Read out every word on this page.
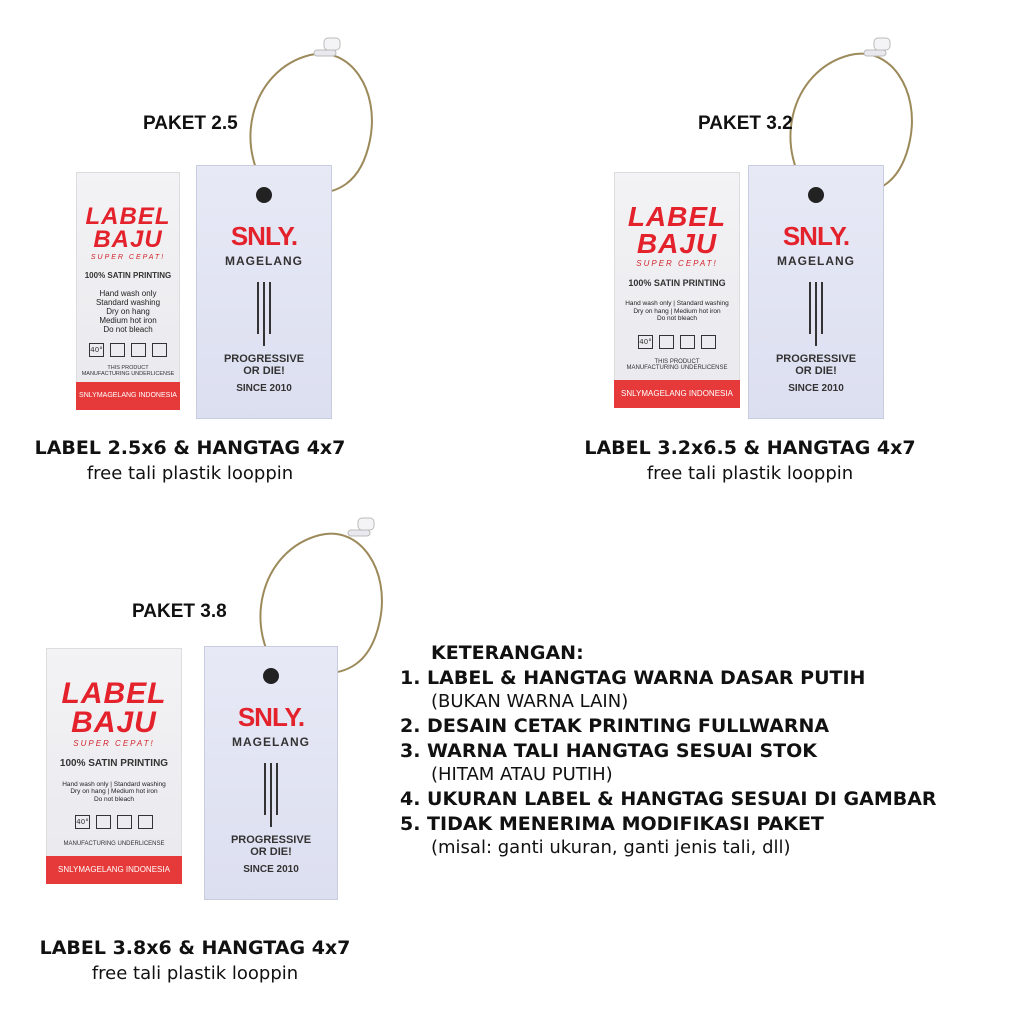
PAKET 2.5
LABEL
BAJU
SUPER CEPAT!
100% SATIN PRINTING
Hand wash only
Standard washing
Dry on hang
Medium hot iron
Do not bleach
40°
THIS PRODUCT
MANUFACTURING UNDERLICENSE
SNLYMAGELANG INDONESIA
SNLY.
MAGELANG
PROGRESSIVE
OR DIE!
SINCE 2010
LABEL 2.5x6 & HANGTAG 4x7
free tali plastik looppin
PAKET 3.2
LABEL
BAJU
SUPER CEPAT!
100% SATIN PRINTING
Hand wash only | Standard washing
Dry on hang | Medium hot iron
Do not bleach
40°
THIS PRODUCT
MANUFACTURING UNDERLICENSE
SNLYMAGELANG INDONESIA
SNLY.
MAGELANG
PROGRESSIVE
OR DIE!
SINCE 2010
LABEL 3.2x6.5 & HANGTAG 4x7
free tali plastik looppin
PAKET 3.8
LABEL
BAJU
SUPER CEPAT!
100% SATIN PRINTING
Hand wash only | Standard washing
Dry on hang | Medium hot iron
Do not bleach
40°
MANUFACTURING UNDERLICENSE
SNLYMAGELANG INDONESIA
SNLY.
MAGELANG
PROGRESSIVE
OR DIE!
SINCE 2010
LABEL 3.8x6 & HANGTAG 4x7
free tali plastik looppin
KETERANGAN:
1. LABEL & HANGTAG WARNA DASAR PUTIH
(BUKAN WARNA LAIN)
2. DESAIN CETAK PRINTING FULLWARNA
3. WARNA TALI HANGTAG SESUAI STOK
(HITAM ATAU PUTIH)
4. UKURAN LABEL & HANGTAG SESUAI DI GAMBAR
5. TIDAK MENERIMA MODIFIKASI PAKET
(misal: ganti ukuran, ganti jenis tali, dll)
